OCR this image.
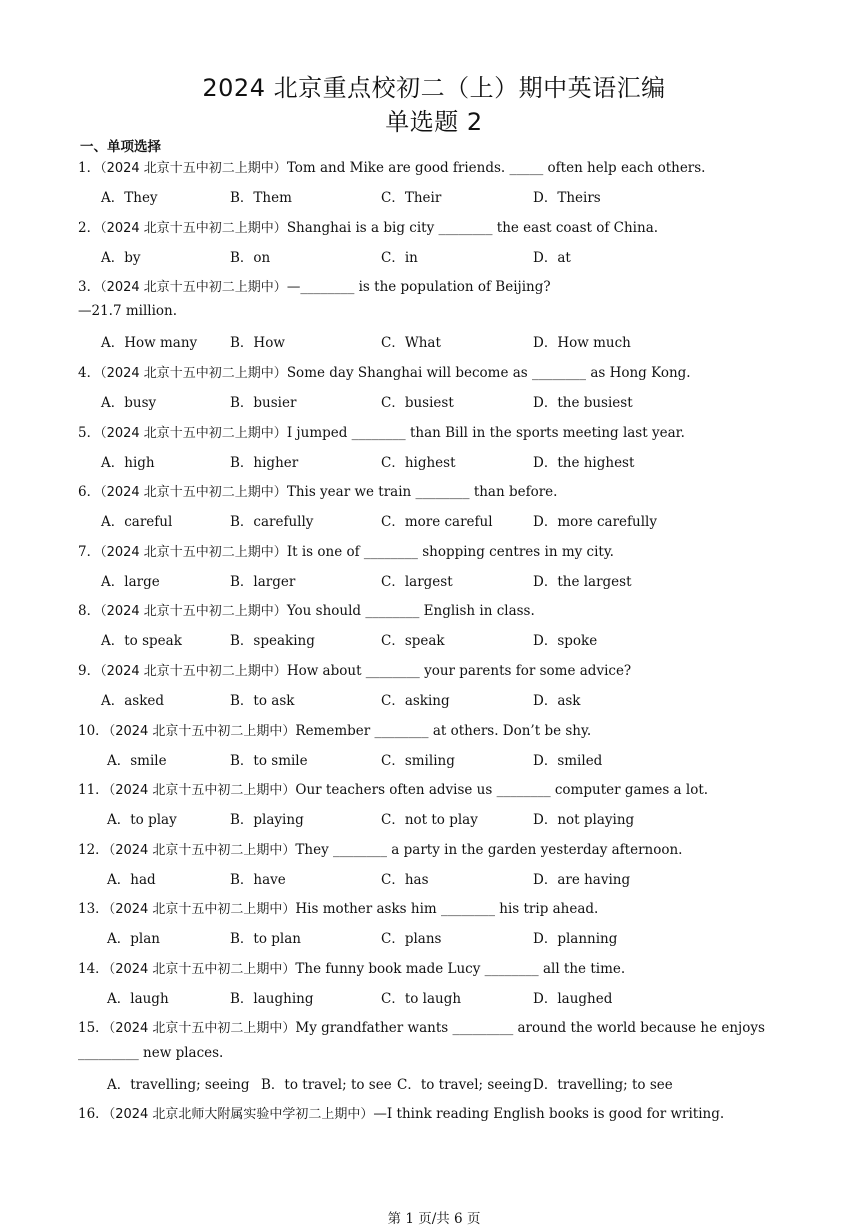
2024 北京重点校初二（上）期中英语汇编
单选题 2
一、单项选择
1．（2024 北京十五中初二上期中）Tom and Mike are good friends. _____ often help each others.
A．They	B．Them	C．Their	D．Theirs
2．（2024 北京十五中初二上期中）Shanghai is a big city ________ the east coast of China.
A．by	B．on	C．in	D．at
3．（2024 北京十五中初二上期中）—________ is the population of Beijing?
—21.7 million.
A．How many B．How	C．What	D．How much
4．（2024 北京十五中初二上期中）Some day Shanghai will become as ________ as Hong Kong.
A．busy	B．busier	C．busiest	D．the busiest
5．（2024 北京十五中初二上期中）I jumped ________ than Bill in the sports meeting last year.
A．high	B．higher	C．highest	D．the highest
6．（2024 北京十五中初二上期中）This year we train ________ than before.
A．careful	B．carefully	C．more careful	D．more carefully
7．（2024 北京十五中初二上期中）It is one of ________ shopping centres in my city.
A．large	B．larger	C．largest	D．the largest
8．（2024 北京十五中初二上期中）You should ________ English in class.
A．to speak	B．speaking	C．speak	D．spoke
9．（2024 北京十五中初二上期中）How about ________ your parents for some advice?
A．asked	B．to ask	C．asking	D．ask
10．（2024 北京十五中初二上期中）Remember ________ at others. Don’t be shy.
A．smile	B．to smile	C．smiling	D．smiled
11．（2024 北京十五中初二上期中）Our teachers often advise us ________ computer games a lot.
A．to play	B．playing	C．not to play	D．not playing
12．（2024 北京十五中初二上期中）They ________ a party in the garden yesterday afternoon.
A．had	B．have	C．has	D．are having
13．（2024 北京十五中初二上期中）His mother asks him ________ his trip ahead.
A．plan	B．to plan	C．plans	D．planning
14．（2024 北京十五中初二上期中）The funny book made Lucy ________ all the time.
A．laugh	B．laughing	C．to laugh	D．laughed
15．（2024 北京十五中初二上期中）My grandfather wants _________ around the world because he enjoys
_________ new places.
A．travelling; seeing B．to travel; to see C．to travel; seeing D．travelling; to see
16．（2024 北京北师大附属实验中学初二上期中）—I think reading English books is good for writing.
第 1 页/共 6 页
